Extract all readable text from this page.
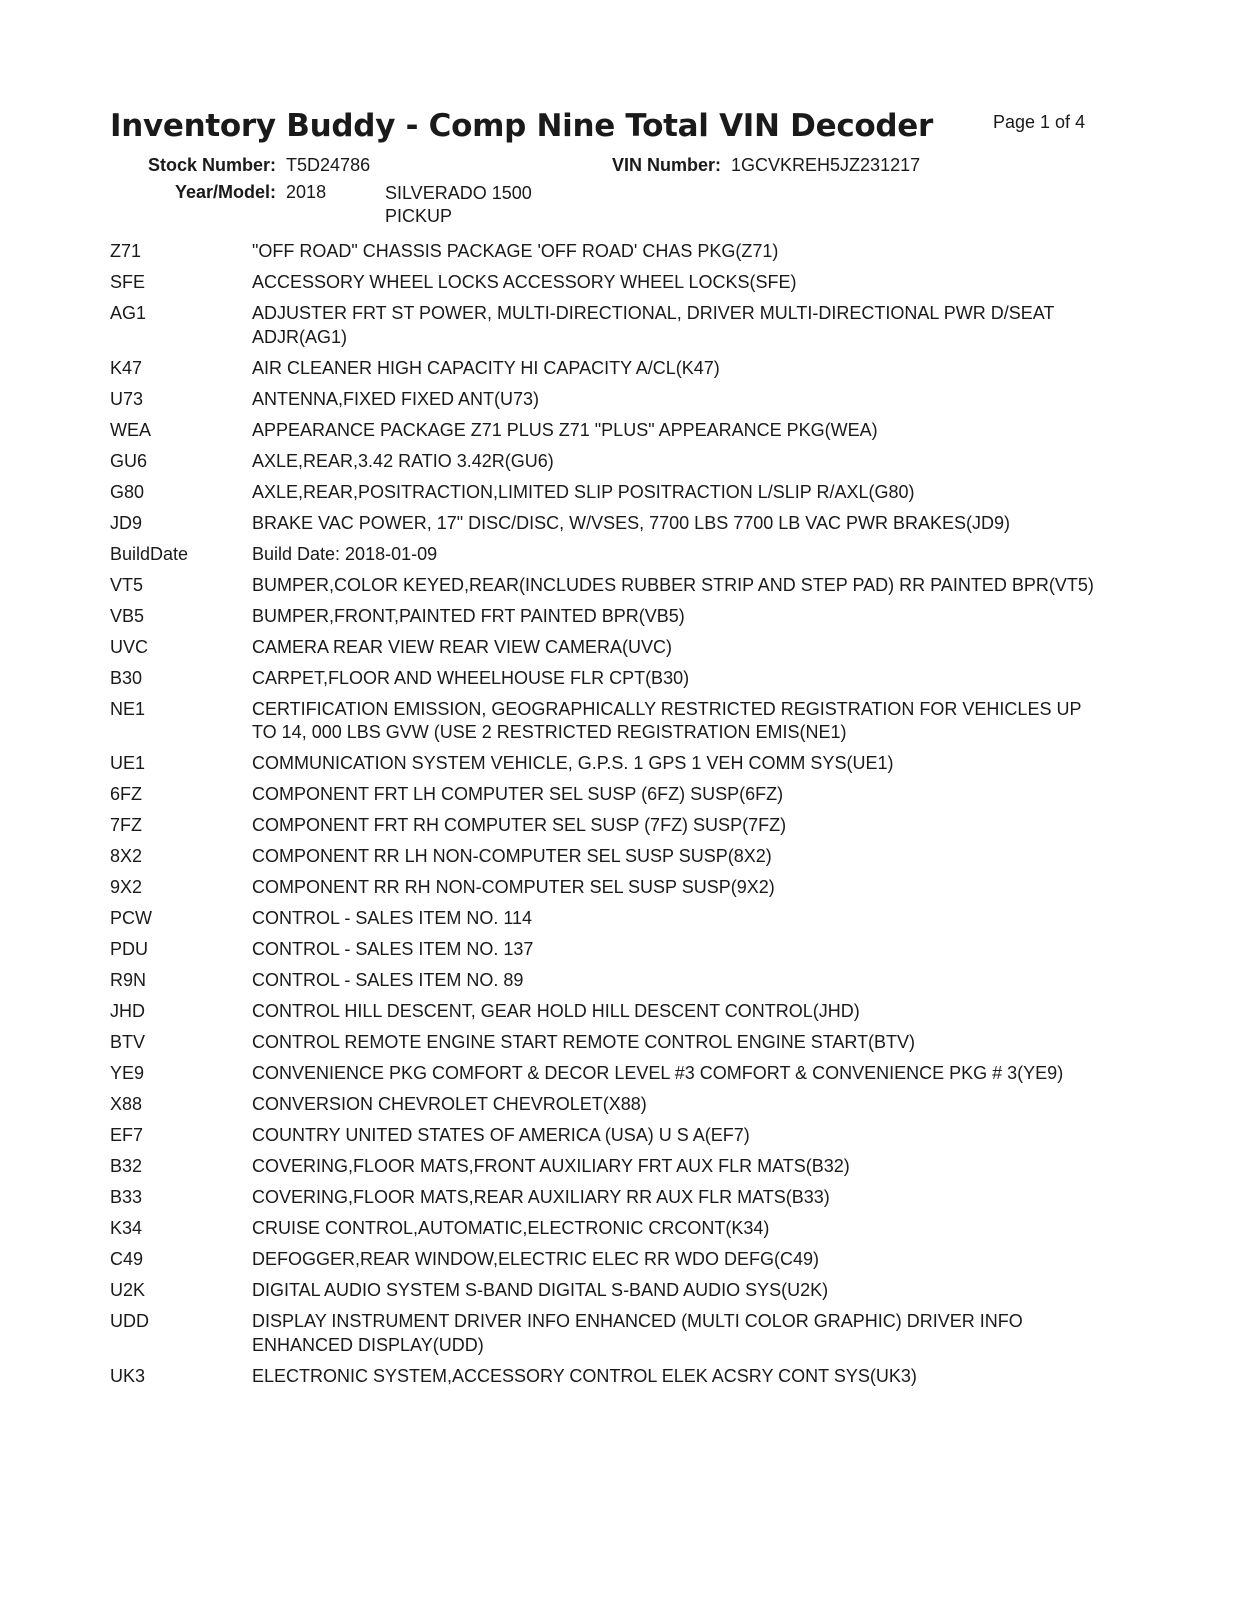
Inventory Buddy - Comp Nine Total VIN Decoder	Page 1 of 4
Stock Number: T5D24786	VIN Number: 1GCVKREH5JZ231217
Year/Model: 2018	SILVERADO 1500
PICKUP
Z71	"OFF ROAD" CHASSIS PACKAGE 'OFF ROAD' CHAS PKG(Z71)
SFE	ACCESSORY WHEEL LOCKS ACCESSORY WHEEL LOCKS(SFE)
AG1	ADJUSTER FRT ST POWER, MULTI-DIRECTIONAL, DRIVER MULTI-DIRECTIONAL PWR D/SEAT ADJR(AG1)
K47	AIR CLEANER HIGH CAPACITY HI CAPACITY A/CL(K47)
U73	ANTENNA,FIXED FIXED ANT(U73)
WEA	APPEARANCE PACKAGE Z71 PLUS Z71 "PLUS" APPEARANCE PKG(WEA)
GU6	AXLE,REAR,3.42 RATIO 3.42R(GU6)
G80	AXLE,REAR,POSITRACTION,LIMITED SLIP POSITRACTION L/SLIP R/AXL(G80)
JD9	BRAKE VAC POWER, 17" DISC/DISC, W/VSES, 7700 LBS 7700 LB VAC PWR BRAKES(JD9)
BuildDate	Build Date: 2018-01-09
VT5	BUMPER,COLOR KEYED,REAR(INCLUDES RUBBER STRIP AND STEP PAD) RR PAINTED BPR(VT5)
VB5	BUMPER,FRONT,PAINTED FRT PAINTED BPR(VB5)
UVC	CAMERA REAR VIEW REAR VIEW CAMERA(UVC)
B30	CARPET,FLOOR AND WHEELHOUSE FLR CPT(B30)
NE1	CERTIFICATION EMISSION, GEOGRAPHICALLY RESTRICTED REGISTRATION FOR VEHICLES UP TO 14, 000 LBS GVW (USE 2 RESTRICTED REGISTRATION EMIS(NE1)
UE1	COMMUNICATION SYSTEM VEHICLE, G.P.S. 1 GPS 1 VEH COMM SYS(UE1)
6FZ	COMPONENT FRT LH COMPUTER SEL SUSP (6FZ) SUSP(6FZ)
7FZ	COMPONENT FRT RH COMPUTER SEL SUSP (7FZ) SUSP(7FZ)
8X2	COMPONENT RR LH NON-COMPUTER SEL SUSP SUSP(8X2)
9X2	COMPONENT RR RH NON-COMPUTER SEL SUSP SUSP(9X2)
PCW	CONTROL - SALES ITEM NO. 114
PDU	CONTROL - SALES ITEM NO. 137
R9N	CONTROL - SALES ITEM NO. 89
JHD	CONTROL HILL DESCENT, GEAR HOLD HILL DESCENT CONTROL(JHD)
BTV	CONTROL REMOTE ENGINE START REMOTE CONTROL ENGINE START(BTV)
YE9	CONVENIENCE PKG COMFORT & DECOR LEVEL #3 COMFORT & CONVENIENCE PKG # 3(YE9)
X88	CONVERSION CHEVROLET CHEVROLET(X88)
EF7	COUNTRY UNITED STATES OF AMERICA (USA) U S A(EF7)
B32	COVERING,FLOOR MATS,FRONT AUXILIARY FRT AUX FLR MATS(B32)
B33	COVERING,FLOOR MATS,REAR AUXILIARY RR AUX FLR MATS(B33)
K34	CRUISE CONTROL,AUTOMATIC,ELECTRONIC CRCONT(K34)
C49	DEFOGGER,REAR WINDOW,ELECTRIC ELEC RR WDO DEFG(C49)
U2K	DIGITAL AUDIO SYSTEM S-BAND DIGITAL S-BAND AUDIO SYS(U2K)
UDD	DISPLAY INSTRUMENT DRIVER INFO ENHANCED (MULTI COLOR GRAPHIC) DRIVER INFO ENHANCED DISPLAY(UDD)
UK3	ELECTRONIC SYSTEM,ACCESSORY CONTROL ELEK ACSRY CONT SYS(UK3)
